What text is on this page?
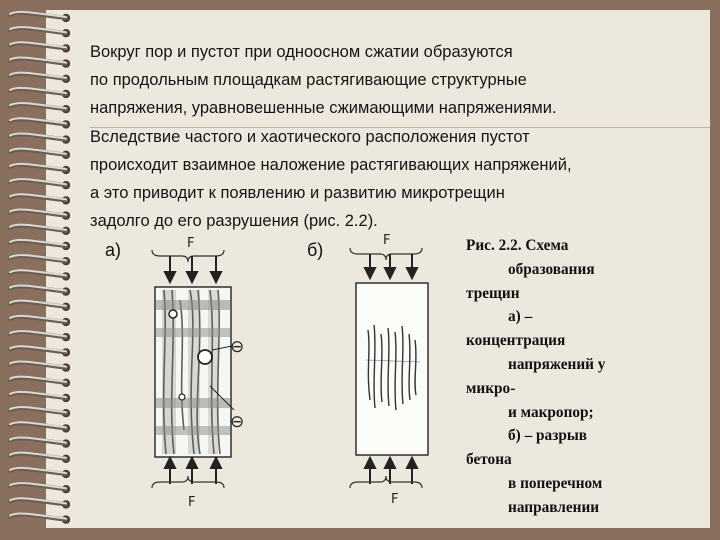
Вокруг пор и пустот при одноосном сжатии образуются
по продольным площадкам растягивающие структурные
напряжения, уравновешенные сжимающими напряжениями.
Вследствие частого и хаотического расположения пустот
происходит взаимное наложение растягивающих напряжений,
а это приводит к появлению и развитию микротрещин
задолго до его разрушения (рис. 2.2).
а)	б)
F
⊖
⊖
F
F
F
Рис. 2.2. Схема
образования
трещин
а) –
концентрация
напряжений у
микро-
и макропор;
б) – разрыв
бетона
в поперечном
направлении
